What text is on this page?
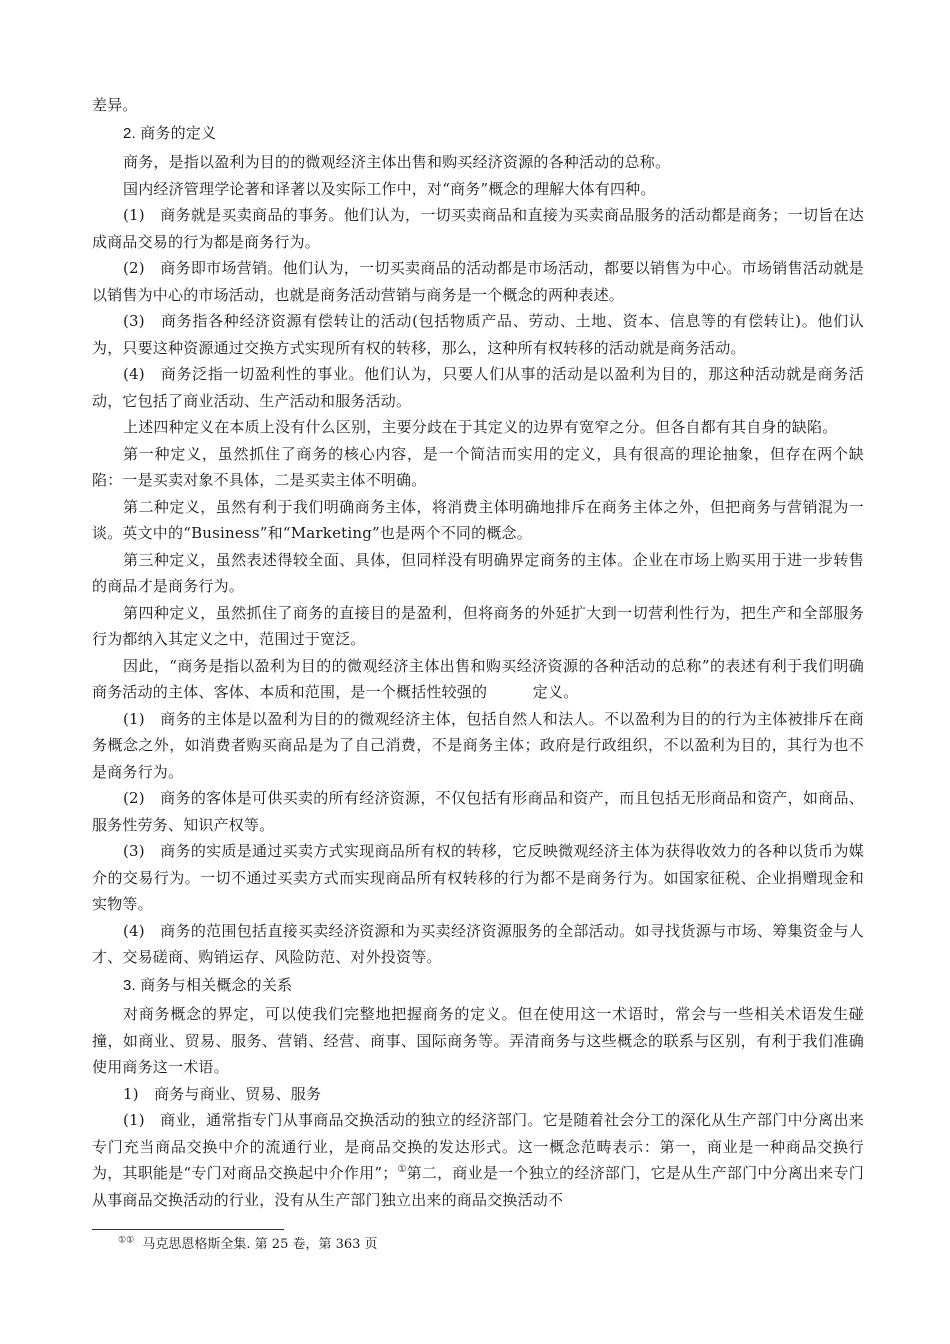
差异。

2. 商务的定义

商务，是指以盈利为目的的微观经济主体出售和购买经济资源的各种活动的总称。

国内经济管理学论著和译著以及实际工作中，对“商务”概念的理解大体有四种。

(1)　商务就是买卖商品的事务。他们认为，一切买卖商品和直接为买卖商品服务的活动都是商务；一切旨在达成商品交易的行为都是商务行为。

(2)　商务即市场营销。他们认为，一切买卖商品的活动都是市场活动，都要以销售为中心。市场销售活动就是以销售为中心的市场活动，也就是商务活动营销与商务是一个概念的两种表述。

(3)　商务指各种经济资源有偿转让的活动(包括物质产品、劳动、土地、资本、信息等的有偿转让)。他们认为，只要这种资源通过交换方式实现所有权的转移，那么，这种所有权转移的活动就是商务活动。

(4)　商务泛指一切盈利性的事业。他们认为，只要人们从事的活动是以盈利为目的，那这种活动就是商务活动，它包括了商业活动、生产活动和服务活动。

上述四种定义在本质上没有什么区别，主要分歧在于其定义的边界有宽窄之分。但各自都有其自身的缺陷。

第一种定义，虽然抓住了商务的核心内容，是一个简洁而实用的定义，具有很高的理论抽象，但存在两个缺陷：一是买卖对象不具体，二是买卖主体不明确。

第二种定义，虽然有利于我们明确商务主体，将消费主体明确地排斥在商务主体之外，但把商务与营销混为一谈。英文中的“Business”和“Marketing”也是两个不同的概念。

第三种定义，虽然表述得较全面、具体，但同样没有明确界定商务的主体。企业在市场上购买用于进一步转售的商品才是商务行为。

第四种定义，虽然抓住了商务的直接目的是盈利，但将商务的外延扩大到一切营利性行为，把生产和全部服务行为都纳入其定义之中，范围过于宽泛。

因此，“商务是指以盈利为目的的微观经济主体出售和购买经济资源的各种活动的总称”的表述有利于我们明确商务活动的主体、客体、本质和范围，是一个概括性较强的　　　定义。

(1)　商务的主体是以盈利为目的的微观经济主体，包括自然人和法人。不以盈利为目的的行为主体被排斥在商务概念之外，如消费者购买商品是为了自己消费，不是商务主体；政府是行政组织，不以盈利为目的，其行为也不是商务行为。

(2)　商务的客体是可供买卖的所有经济资源，不仅包括有形商品和资产，而且包括无形商品和资产，如商品、服务性劳务、知识产权等。

(3)　商务的实质是通过买卖方式实现商品所有权的转移，它反映微观经济主体为获得收效力的各种以货币为媒介的交易行为。一切不通过买卖方式而实现商品所有权转移的行为都不是商务行为。如国家征税、企业捐赠现金和实物等。

(4)　商务的范围包括直接买卖经济资源和为买卖经济资源服务的全部活动。如寻找货源与市场、筹集资金与人才、交易磋商、购销运存、风险防范、对外投资等。

3. 商务与相关概念的关系

对商务概念的界定，可以使我们完整地把握商务的定义。但在使用这一术语时，常会与一些相关术语发生碰撞，如商业、贸易、服务、营销、经营、商事、国际商务等。弄清商务与这些概念的联系与区别，有利于我们准确使用商务这一术语。

1)　商务与商业、贸易、服务

(1)　商业，通常指专门从事商品交换活动的独立的经济部门。它是随着社会分工的深化从生产部门中分离出来专门充当商品交换中介的流通行业，是商品交换的发达形式。这一概念范畴表示：第一，商业是一种商品交换行为，其职能是“专门对商品交换起中介作用”；①第二，商业是一个独立的经济部门，它是从生产部门中分离出来专门从事商品交换活动的行业，没有从生产部门独立出来的商品交换活动不

①① 马克思恩格斯全集. 第 25 卷，第 363 页
